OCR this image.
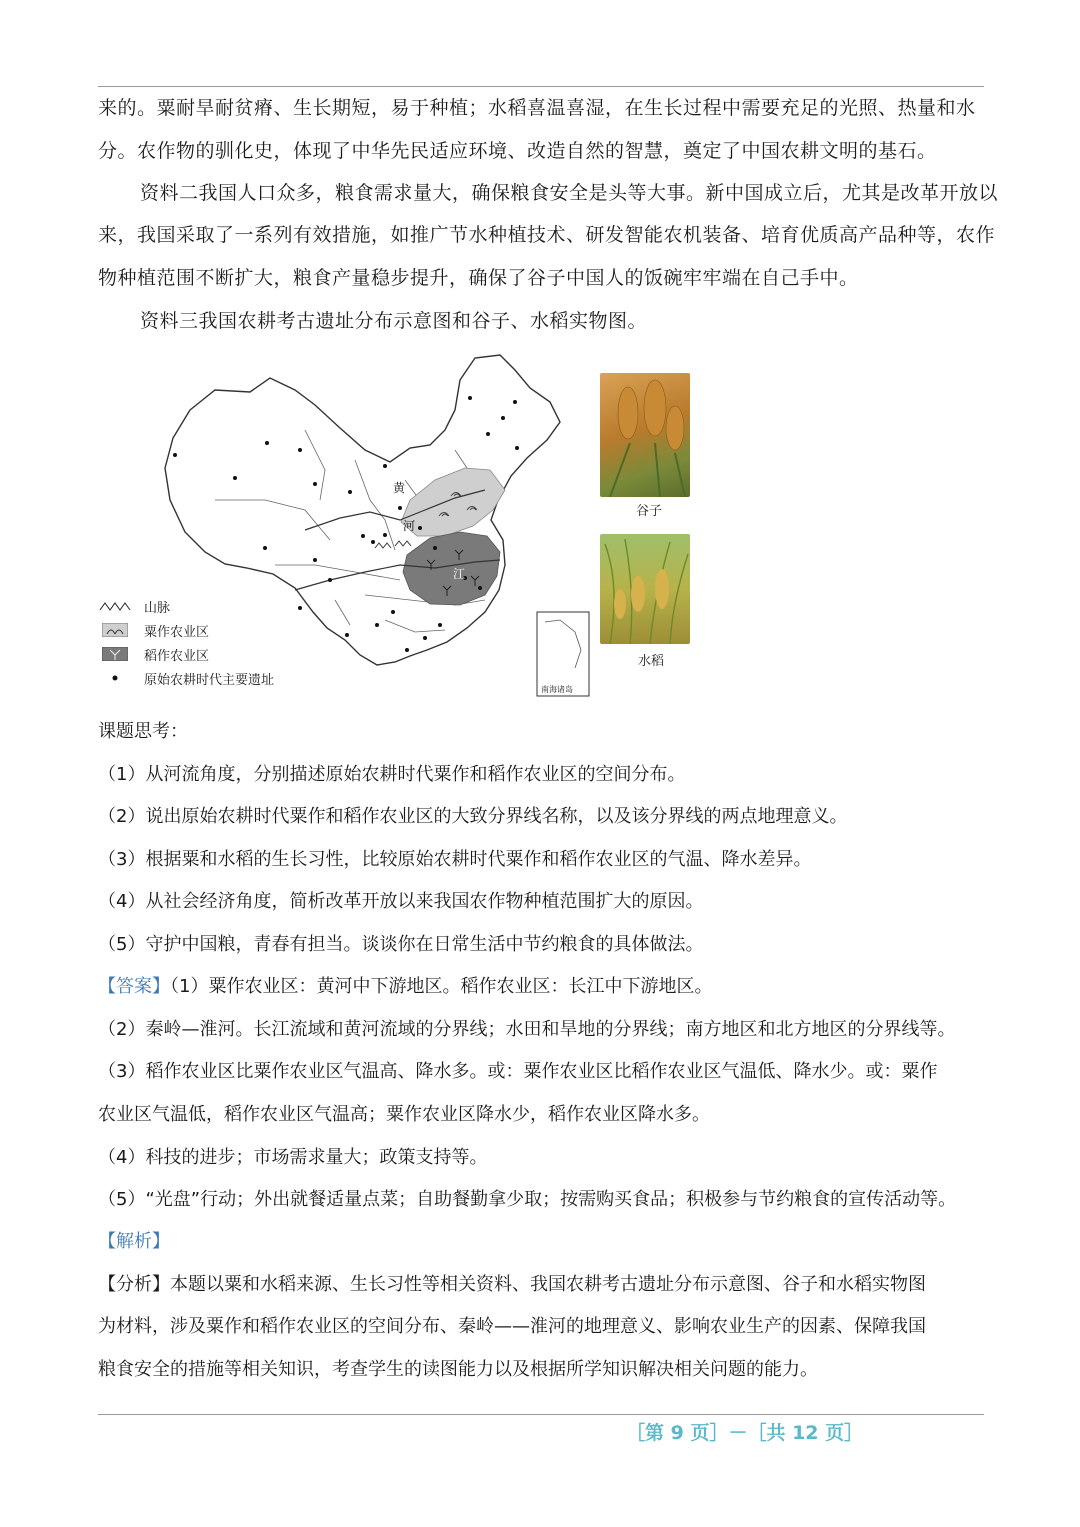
来的。粟耐旱耐贫瘠、生长期短，易于种植；水稻喜温喜湿，在生长过程中需要充足的光照、热量和水
分。农作物的驯化史，体现了中华先民适应环境、改造自然的智慧，奠定了中国农耕文明的基石。
资料二我国人口众多，粮食需求量大，确保粮食安全是头等大事。新中国成立后，尤其是改革开放以
来，我国采取了一系列有效措施，如推广节水种植技术、研发智能农机装备、培育优质高产品种等，农作
物种植范围不断扩大，粮食产量稳步提升，确保了谷子中国人的饭碗牢牢端在自己手中。
资料三我国农耕考古遗址分布示意图和谷子、水稻实物图。
黄
河
江
南海诸岛
山脉
粟作农业区
稻作农业区
原始农耕时代主要遗址
谷子
水稻
课题思考：
（1）从河流角度，分别描述原始农耕时代粟作和稻作农业区的空间分布。
（2）说出原始农耕时代粟作和稻作农业区的大致分界线名称，以及该分界线的两点地理意义。
（3）根据粟和水稻的生长习性，比较原始农耕时代粟作和稻作农业区的气温、降水差异。
（4）从社会经济角度，简析改革开放以来我国农作物种植范围扩大的原因。
（5）守护中国粮，青春有担当。谈谈你在日常生活中节约粮食的具体做法。
【答案】（1）粟作农业区：黄河中下游地区。稻作农业区：长江中下游地区。
（2）秦岭—淮河。长江流域和黄河流域的分界线；水田和旱地的分界线；南方地区和北方地区的分界线等。
（3）稻作农业区比粟作农业区气温高、降水多。或：粟作农业区比稻作农业区气温低、降水少。或：粟作
农业区气温低，稻作农业区气温高；粟作农业区降水少，稻作农业区降水多。
（4）科技的进步；市场需求量大；政策支持等。
（5）“光盘”行动；外出就餐适量点菜；自助餐勤拿少取；按需购买食品；积极参与节约粮食的宣传活动等。
【解析】
【分析】本题以粟和水稻来源、生长习性等相关资料、我国农耕考古遗址分布示意图、谷子和水稻实物图
为材料，涉及粟作和稻作农业区的空间分布、秦岭——淮河的地理意义、影响农业生产的因素、保障我国
粮食安全的措施等相关知识，考查学生的读图能力以及根据所学知识解决相关问题的能力。
［第 9 页］－［共 12 页］
